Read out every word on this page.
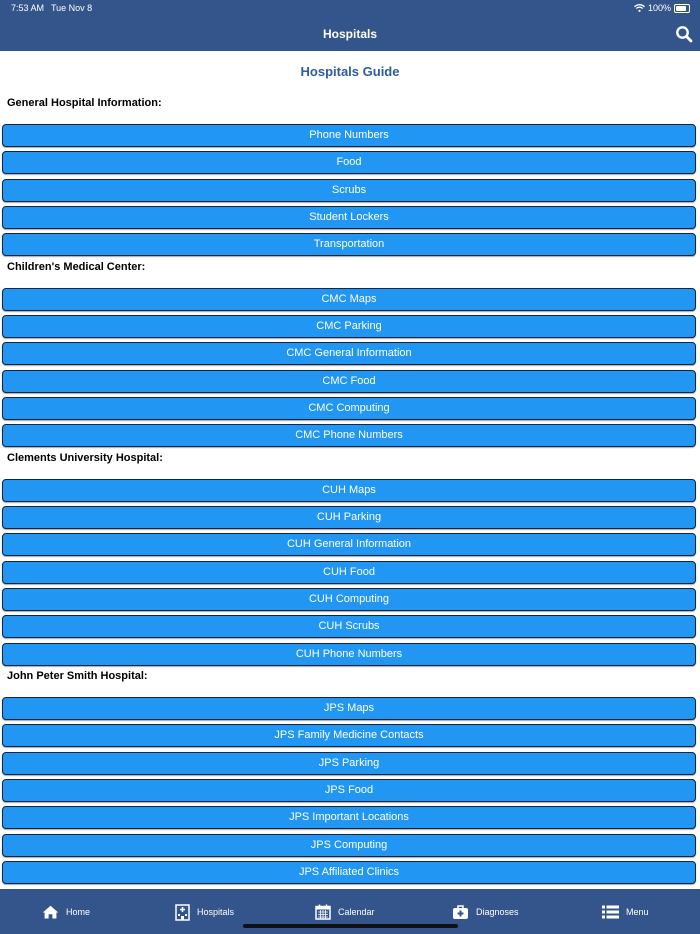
7:53 AM Tue Nov 8	100%
Hospitals
Hospitals Guide
General Hospital Information:
Phone Numbers
Food
Scrubs
Student Lockers
Transportation
Children's Medical Center:
CMC Maps
CMC Parking
CMC General Information
CMC Food
CMC Computing
CMC Phone Numbers
Clements University Hospital:
CUH Maps
CUH Parking
CUH General Information
CUH Food
CUH Computing
CUH Scrubs
CUH Phone Numbers
John Peter Smith Hospital:
JPS Maps
JPS Family Medicine Contacts
JPS Parking
JPS Food
JPS Important Locations
JPS Computing
JPS Affiliated Clinics
Home	Hospitals	Calendar	Diagnoses	Menu
